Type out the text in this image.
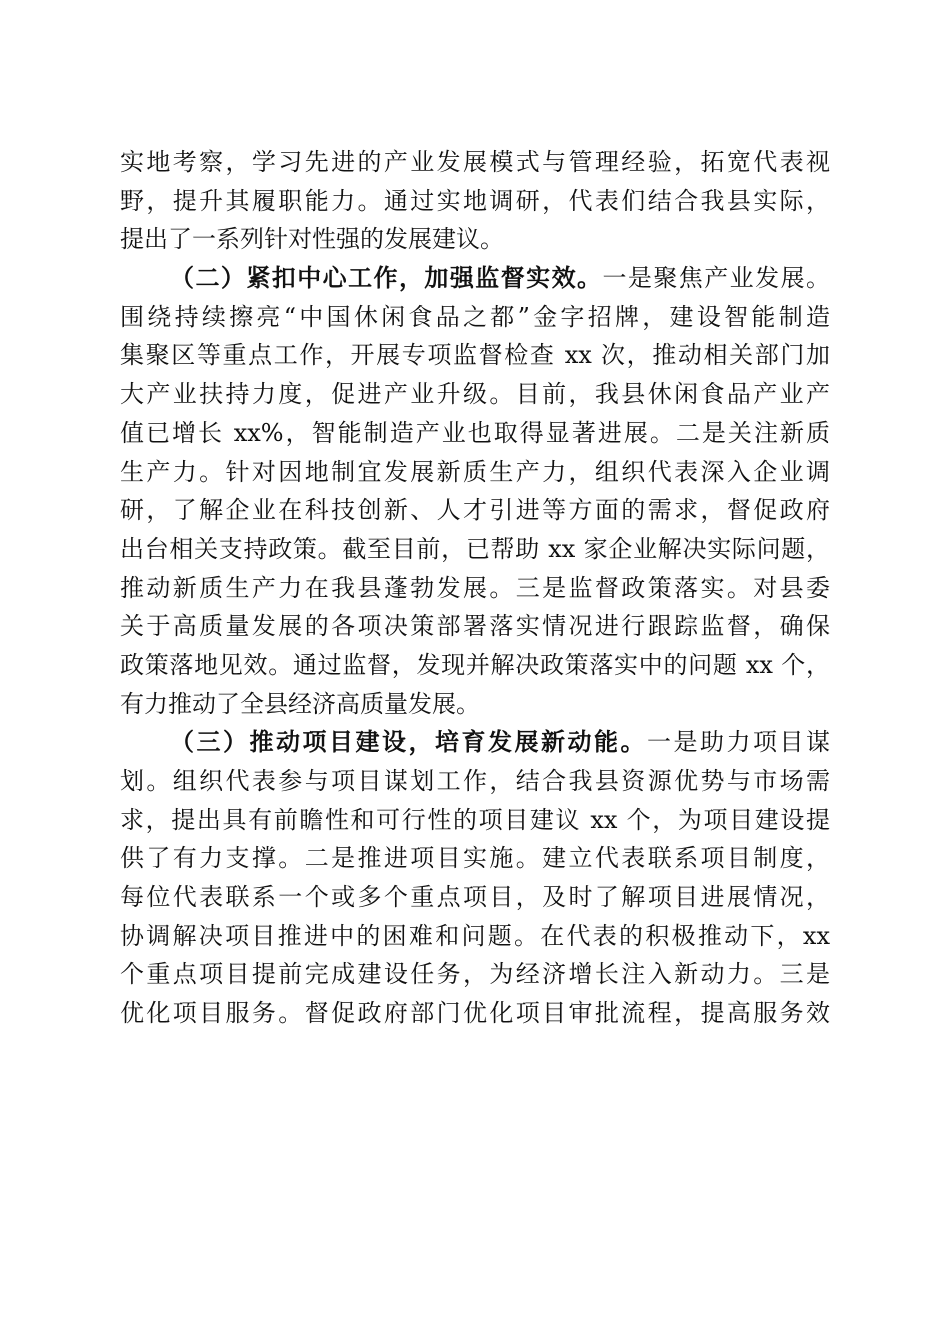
实地考察，学习先进的产业发展模式与管理经验，拓宽代表视
野，提升其履职能力。通过实地调研，代表们结合我县实际，
提出了一系列针对性强的发展建议。
（二）紧扣中心工作，加强监督实效。一是聚焦产业发展。
围绕持续擦亮“中国休闲食品之都”金字招牌，建设智能制造
集聚区等重点工作，开展专项监督检查 xx 次，推动相关部门加
大产业扶持力度，促进产业升级。目前，我县休闲食品产业产
值已增长 xx%，智能制造产业也取得显著进展。二是关注新质
生产力。针对因地制宜发展新质生产力，组织代表深入企业调
研，了解企业在科技创新、人才引进等方面的需求，督促政府
出台相关支持政策。截至目前，已帮助 xx 家企业解决实际问题，
推动新质生产力在我县蓬勃发展。三是监督政策落实。对县委
关于高质量发展的各项决策部署落实情况进行跟踪监督，确保
政策落地见效。通过监督，发现并解决政策落实中的问题 xx 个，
有力推动了全县经济高质量发展。
（三）推动项目建设，培育发展新动能。一是助力项目谋
划。组织代表参与项目谋划工作，结合我县资源优势与市场需
求，提出具有前瞻性和可行性的项目建议 xx 个，为项目建设提
供了有力支撑。二是推进项目实施。建立代表联系项目制度，
每位代表联系一个或多个重点项目，及时了解项目进展情况，
协调解决项目推进中的困难和问题。在代表的积极推动下，xx
个重点项目提前完成建设任务，为经济增长注入新动力。三是
优化项目服务。督促政府部门优化项目审批流程，提高服务效
